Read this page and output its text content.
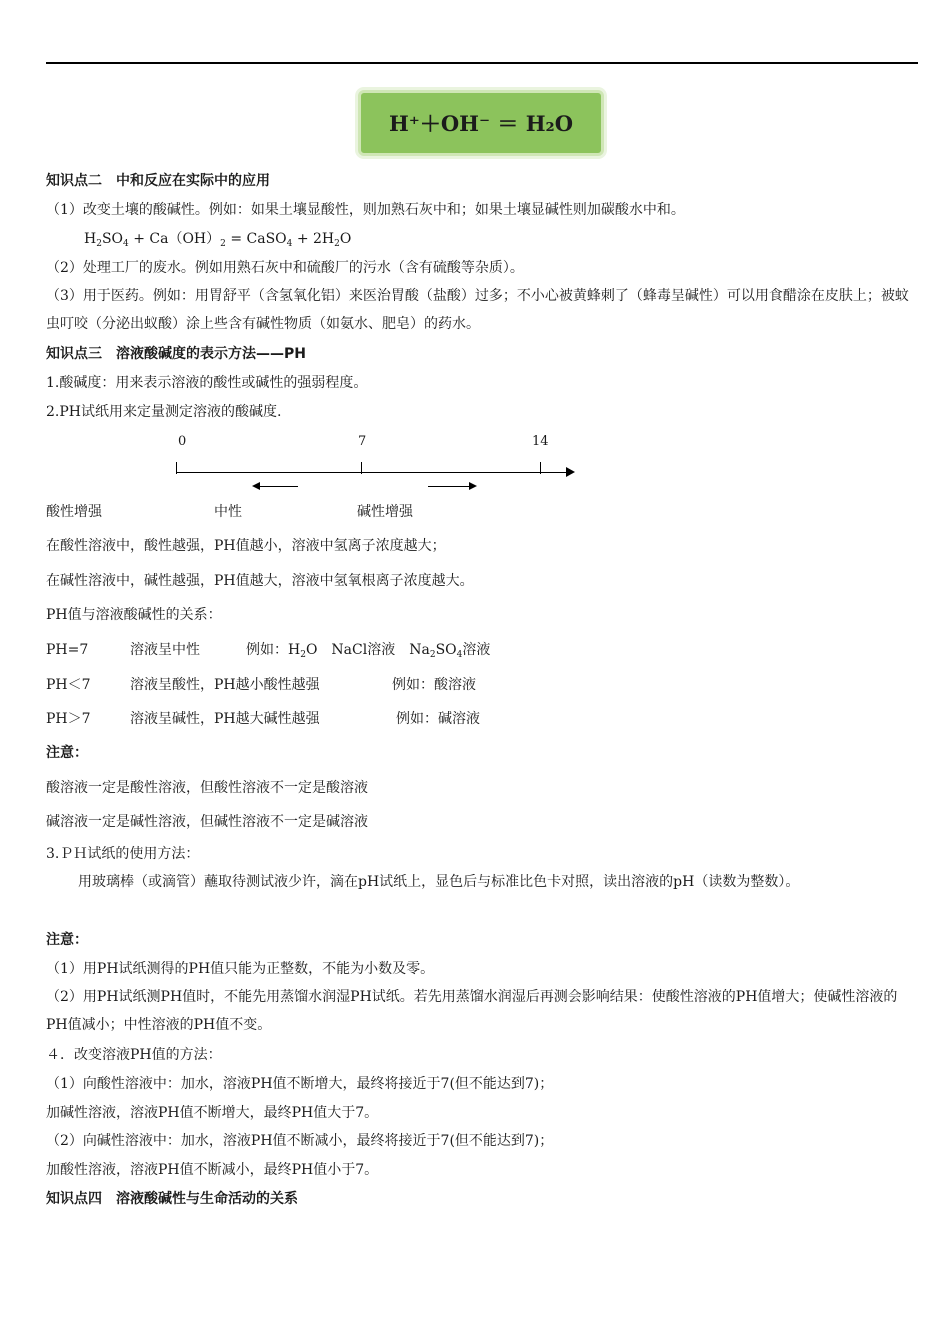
H⁺＋OH⁻ ＝ H₂O
知识点二　中和反应在实际中的应用
（1）改变土壤的酸碱性。例如：如果土壤显酸性，则加熟石灰中和；如果土壤显碱性则加碳酸水中和。
$H_2SO_4 + Ca(OH)_2$ = CaSO$_4$ + $2H_2O$
（2）处理工厂的废水。例如用熟石灰中和硫酸厂的污水（含有硫酸等杂质）。
（3）用于医药。例如：用胃舒平（含氢氧化铝）来医治胃酸（盐酸）过多；不小心被黄蜂刺了（蜂毒呈碱性）可以用食醋涂在皮肤上；被蚊虫叮咬（分泌出蚁酸）涂上些含有碱性物质（如氨水、肥皂）的药水。
知识点三　溶液酸碱度的表示方法——PH
1.酸碱度：用来表示溶液的酸性或碱性的强弱程度。
2.PH试纸用来定量测定溶液的酸碱度.
0	7	14
酸性增强	中性	碱性增强
在酸性溶液中，酸性越强，PH值越小，溶液中氢离子浓度越大；
在碱性溶液中，碱性越强，PH值越大，溶液中氢氧根离子浓度越大。
PH值与溶液酸碱性的关系：
PH=7	溶液呈中性	例如：$H_2O$　NaCl溶液　$Na_2SO_4$溶液
PH＜7	溶液呈酸性，PH越小酸性越强	例如：酸溶液
PH＞7	溶液呈碱性，PH越大碱性越强	例如：碱溶液
注意：
酸溶液一定是酸性溶液，但酸性溶液不一定是酸溶液
碱溶液一定是碱性溶液，但碱性溶液不一定是碱溶液
3.ＰＨ试纸的使用方法：
用玻璃棒（或滴管）蘸取待测试液少许，滴在pH试纸上，显色后与标准比色卡对照，读出溶液的pH（读数为整数）。
注意：
（1）用PH试纸测得的PH值只能为正整数，不能为小数及零。
（2）用PH试纸测PH值时，不能先用蒸馏水润湿PH试纸。若先用蒸馏水润湿后再测会影响结果：使酸性溶液的PH值增大；使碱性溶液的PH值减小；中性溶液的PH值不变。
４．改变溶液PH值的方法：
（1）向酸性溶液中：加水，溶液PH值不断增大，最终将接近于7(但不能达到7)；
加碱性溶液，溶液PH值不断增大，最终PH值大于7。
（2）向碱性溶液中：加水，溶液PH值不断减小，最终将接近于7(但不能达到7)；
加酸性溶液，溶液PH值不断减小，最终PH值小于7。
知识点四　溶液酸碱性与生命活动的关系
